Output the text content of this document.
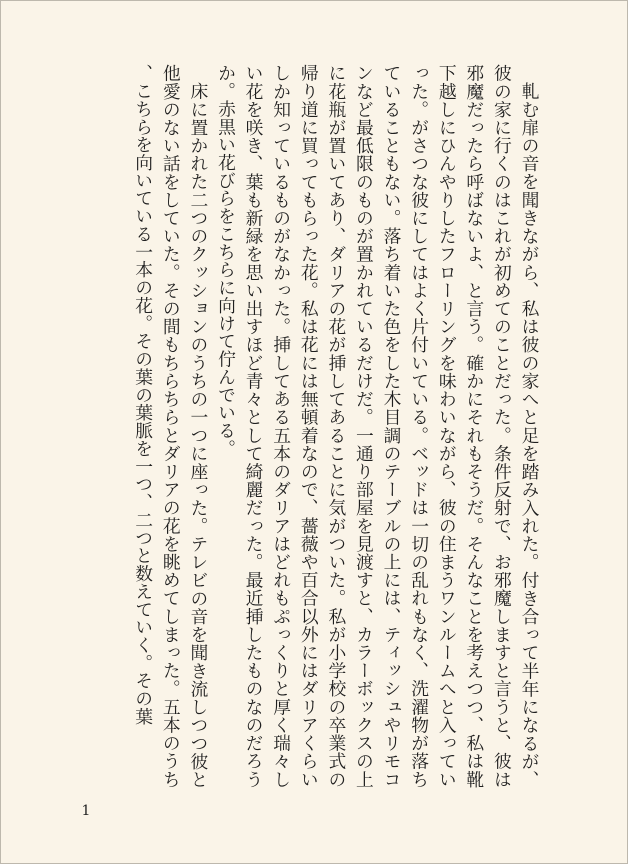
軋む扉の音を聞きながら、私は彼の家へと足を踏み入れた。付き合って半年になるが、彼の家に行くのはこれが初めてのことだった。条件反射で、お邪魔しますと言うと、彼は邪魔だったら呼ばないよ、と言う。確かにそれもそうだ。そんなことを考えつつ、私は靴下越しにひんやりしたフローリングを味わいながら、彼の住まうワンルームへと入っていった。がさつな彼にしてはよく片付いている。ベッドは一切の乱れもなく、洗濯物が落ちていることもない。落ち着いた色をした木目調のテーブルの上には、ティッシュやリモコンなど最低限のものが置かれているだけだ。一通り部屋を見渡すと、カラーボックスの上に花瓶が置いてあり、ダリアの花が挿してあることに気がついた。私が小学校の卒業式の帰り道に買ってもらった花。私は花には無頓着なので、薔薇や百合以外にはダリアくらいしか知っているものがなかった。挿してある五本のダリアはどれもぷっくりと厚く瑞々しい花を咲き、葉も新緑を思い出すほど青々として綺麗だった。最近挿したものなのだろうか。赤黒い花びらをこちらに向けて佇んでいる。

床に置かれた二つのクッションのうちの一つに座った。テレビの音を聞き流しつつ彼と他愛のない話をしていた。その間もちらちらとダリアの花を眺めてしまった。五本のうち、こちらを向いている一本の花。その葉の葉脈を一つ、二つと数えていく。その葉

1
